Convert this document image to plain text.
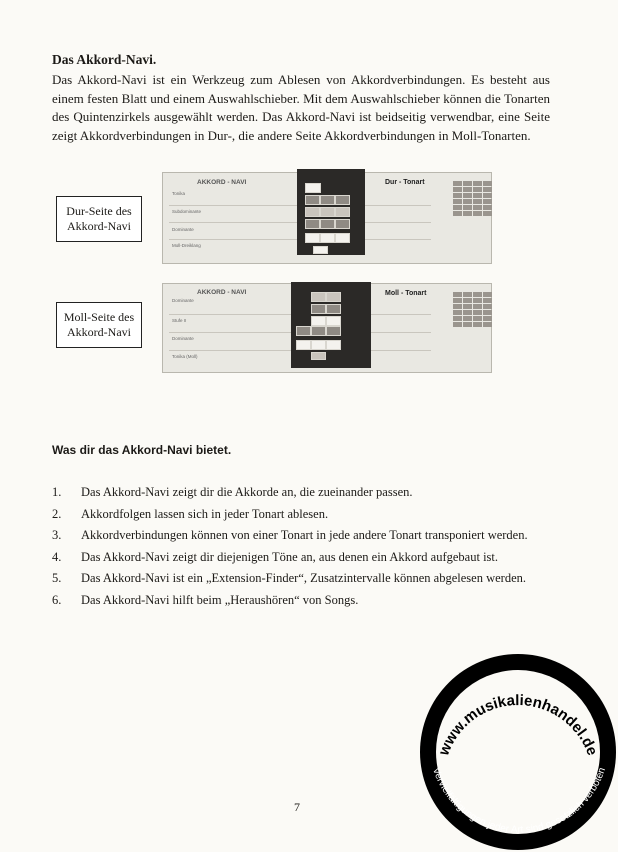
Das Akkord-Navi.
Das Akkord-Navi ist ein Werkzeug zum Ablesen von Akkordverbindungen. Es besteht aus einem festen Blatt und einem Auswahlschieber. Mit dem Auswahlschieber können die Tonarten des Quintenzirkels ausgewählt werden. Das Akkord-Navi ist beidseitig verwendbar, eine Seite zeigt Akkordverbindungen in Dur-, die andere Seite Akkordverbindungen in Moll-Tonarten.
Dur-Seite des
Akkord-Navi
AKKORD - NAVI	Dur - Tonart
Tonika
Subdominante
Dominante
Moll-Dreiklang
Moll-Seite des
Akkord-Navi
AKKORD - NAVI	Moll - Tonart
Dominante
Stufe II
Dominante
Tonika (Moll)
Was dir das Akkord-Navi bietet.
1.	Das Akkord-Navi zeigt dir die Akkorde an, die zueinander passen.
2.	Akkordfolgen lassen sich in jeder Tonart ablesen.
3.	Akkordverbindungen können von einer Tonart in jede andere Tonart transponiert werden.
4.	Das Akkord-Navi zeigt dir diejenigen Töne an, aus denen ein Akkord aufgebaut ist.
5.	Das Akkord-Navi ist ein „Extension-Finder“, Zusatzintervalle können abgelesen werden.
6.	Das Akkord-Navi hilft beim „Heraushören“ von Songs.
7
www.musikalienhandel.de
Vervielfältigungen jeder Art sind gesetzlich verboten
